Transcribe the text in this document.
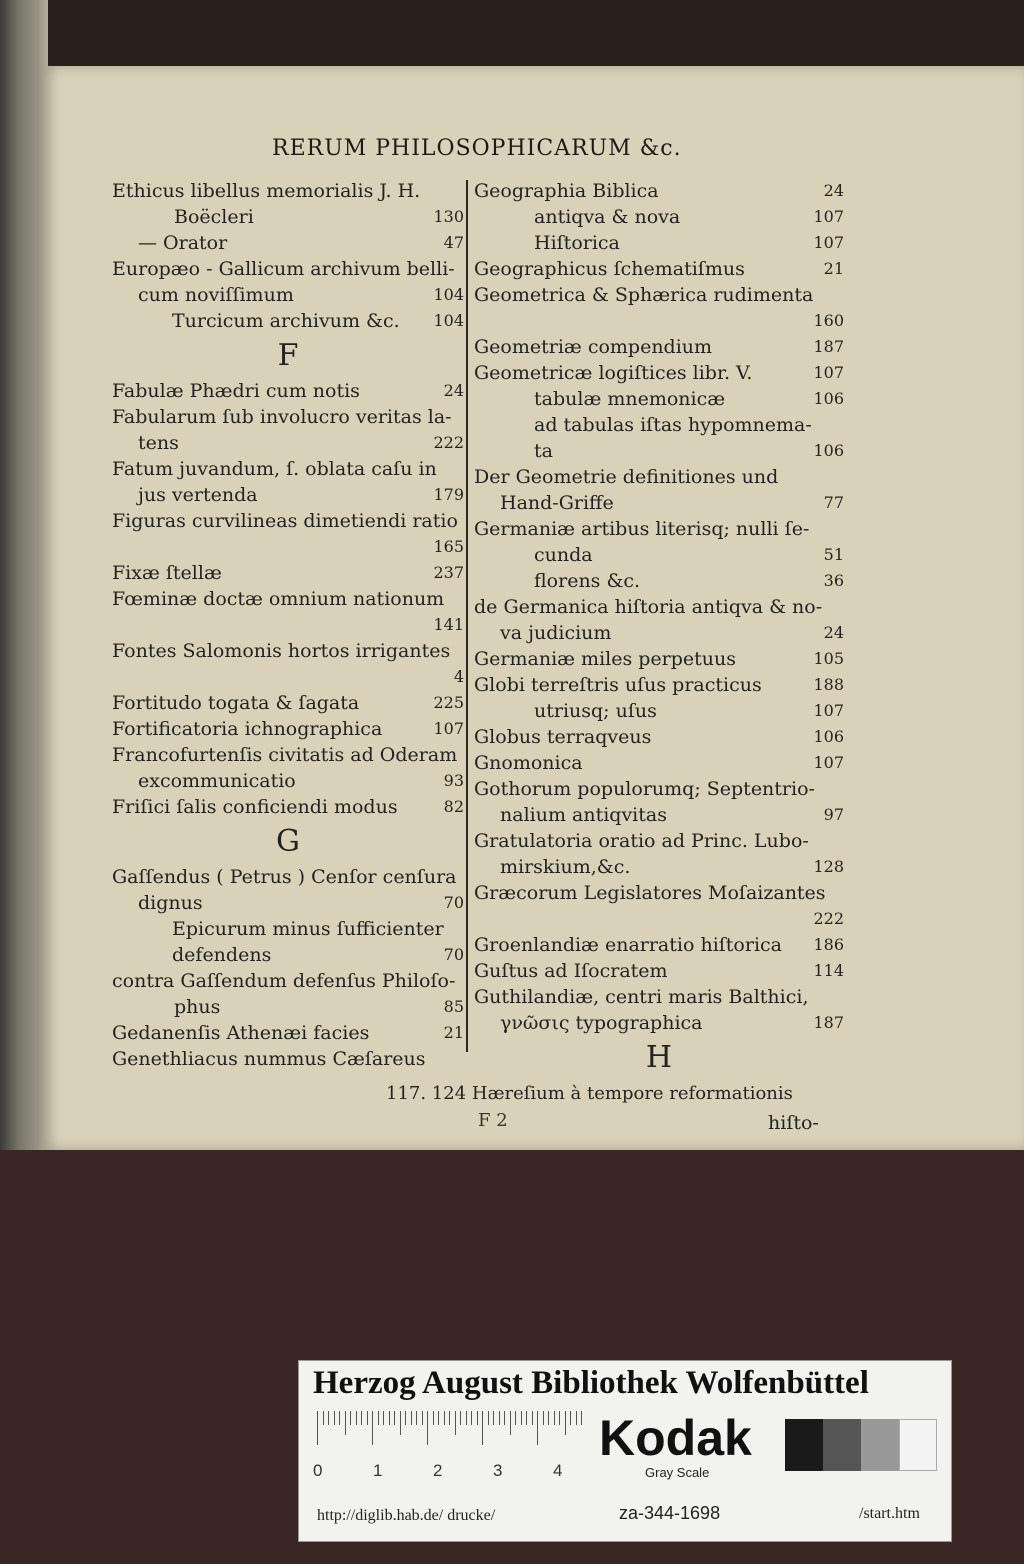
RERUM PHILOSOPHICARUM &c.
Ethicus libellus memorialis J. H.
Boëcleri	130
— Orator	47
Europæo - Gallicum archivum belli-
cum noviſſimum	104
Turcicum archivum &c. 104
F
Fabulæ Phædri cum notis	24
Fabularum ſub involucro veritas la-
tens	222
Fatum juvandum, ſ. oblata caſu in
jus vertenda	179
Figuras curvilineas dimetiendi ratio
165
Fixæ ſtellæ	237
Fœminæ doctæ omnium nationum
141
Fontes Salomonis hortos irrigantes
4
Fortitudo togata & ſagata	225
Fortificatoria ichnographica	107
Francofurtenſis civitatis ad Oderam
excommunicatio	93
Friſici ſalis conficiendi modus	82
G
Gaſſendus ( Petrus ) Cenſor cenſura
dignus	70
Epicurum minus ſufficienter
defendens	70
contra Gaſſendum defenſus Philoſo-
phus	85
Gedanenſis Athenæi facies	21
Genethliacus nummus Cæſareus
Geographia Biblica	24
antiqva & nova	107
Hiſtorica	107
Geographicus ſchematiſmus	21
Geometrica & Sphærica rudimenta
160
Geometriæ compendium	187
Geometricæ logiſtices libr. V.	107
tabulæ mnemonicæ	106
ad tabulas iſtas hypomnema-
ta	106
Der Geometrie definitiones und
Hand-Griffe	77
Germaniæ artibus literisq; nulli ſe-
cunda	51
florens &c.	36
de Germanica hiſtoria antiqva & no-
va judicium	24
Germaniæ miles perpetuus	105
Globi terreſtris uſus practicus	188
utriusq; uſus	107
Globus terraqveus	106
Gnomonica	107
Gothorum populorumq; Septentrio-
nalium antiqvitas	97
Gratulatoria oratio ad Princ. Lubo-
mirskium,&c.	128
Græcorum Legislatores Moſaizantes
222
Groenlandiæ enarratio hiſtorica 186
Guſtus ad Iſocratem	114
Guthilandiæ, centri maris Balthici,
γνῶσις typographica	187
H
117. 124 Hæreſium à tempore reformationis
F 2	hiſto-
Herzog August Bibliothek Wolfenbüttel
0	1	2	3	4
Kodak
Gray Scale
http://diglib.hab.de/ drucke/	za-344-1698	/start.htm
